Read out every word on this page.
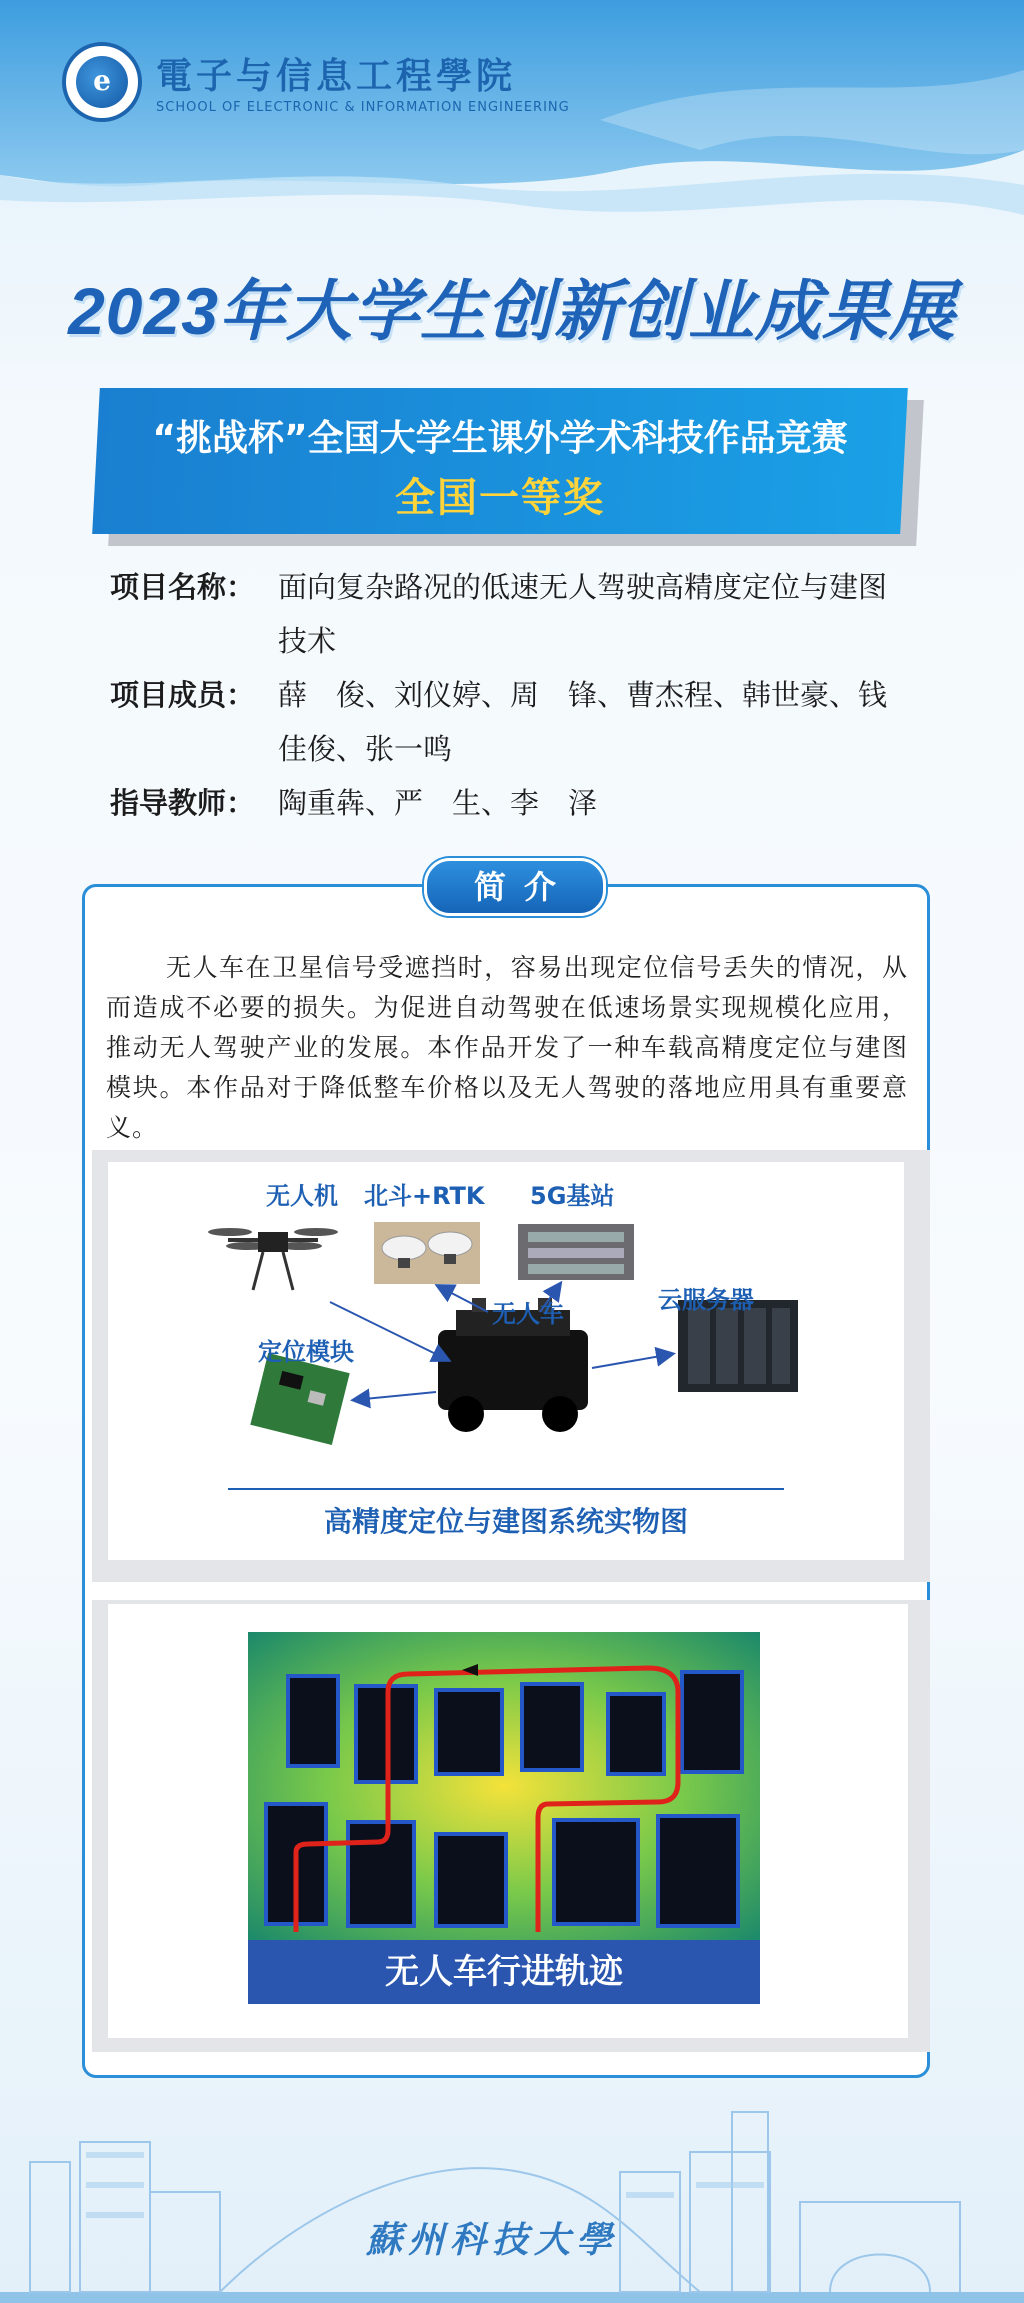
e	電子与信息工程學院
SCHOOL OF ELECTRONIC & INFORMATION ENGINEERING
2023年大学生创新创业成果展
“挑战杯”全国大学生课外学术科技作品竞赛
全国一等奖
项目名称： 面向复杂路况的低速无人驾驶高精度定位与建图技术
项目成员： 薛　俊、刘仪婷、周　锋、曹杰程、韩世豪、钱佳俊、张一鸣
指导教师： 陶重犇、严　生、李　泽
简介
无人车在卫星信号受遮挡时，容易出现定位信号丢失的情况，从而造成不必要的损失。为促进自动驾驶在低速场景实现规模化应用，推动无人驾驶产业的发展。本作品开发了一种车载高精度定位与建图模块。本作品对于降低整车价格以及无人驾驶的落地应用具有重要意义。
无人机 北斗+RTK 5G基站
无人车	云服务器
定位模块
高精度定位与建图系统实物图
无人车行进轨迹
蘇州科技大學
